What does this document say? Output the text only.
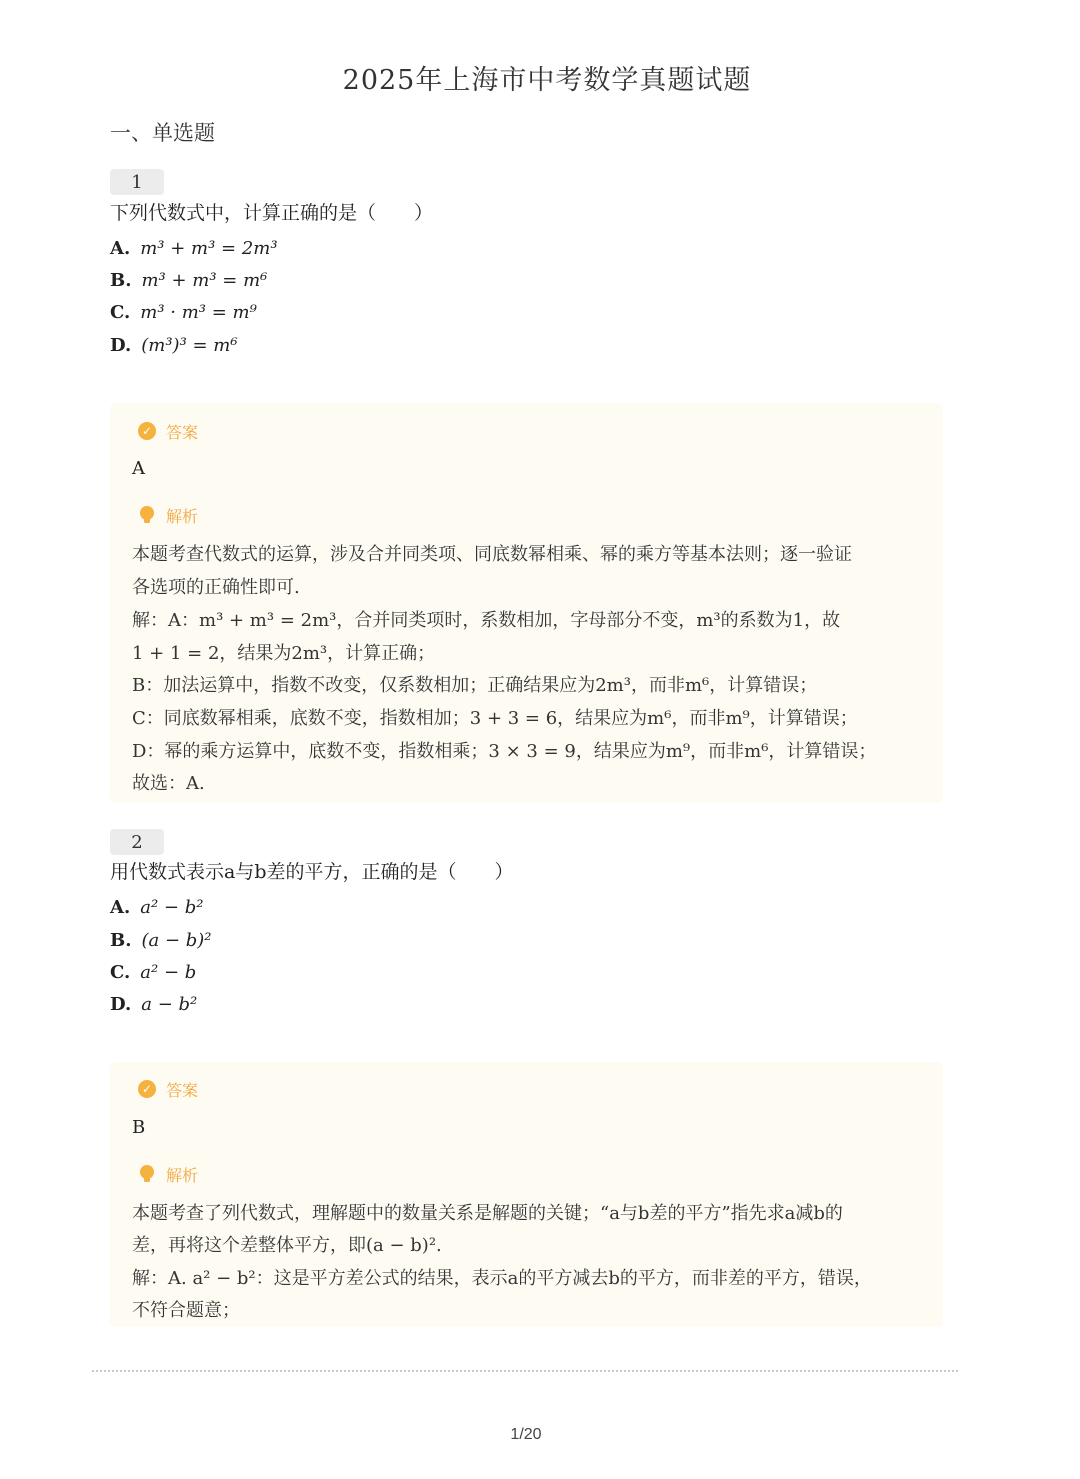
2025年上海市中考数学真题试题
一、单选题
1
下列代数式中，计算正确的是（　　）
A. m³ + m³ = 2m³
B. m³ + m³ = m⁶
C. m³ · m³ = m⁹
D. (m³)³ = m⁶
✓ 答案
A
解析
本题考查代数式的运算，涉及合并同类项、同底数幂相乘、幂的乘方等基本法则；逐一验证
各选项的正确性即可.
解：A：m³ + m³ = 2m³，合并同类项时，系数相加，字母部分不变，m³的系数为1，故
1 + 1 = 2，结果为2m³，计算正确；
B：加法运算中，指数不改变，仅系数相加；正确结果应为2m³，而非m⁶，计算错误；
C：同底数幂相乘，底数不变，指数相加；3 + 3 = 6，结果应为m⁶，而非m⁹，计算错误；
D：幂的乘方运算中，底数不变，指数相乘；3 × 3 = 9，结果应为m⁹，而非m⁶，计算错误；
故选：A.
2
用代数式表示a与b差的平方，正确的是（　　）
A. a² − b²
B. (a − b)²
C. a² − b
D. a − b²
✓ 答案
B
解析
本题考查了列代数式，理解题中的数量关系是解题的关键；“a与b差的平方”指先求a减b的
差，再将这个差整体平方，即(a − b)².
解：A. a² − b²：这是平方差公式的结果，表示a的平方减去b的平方，而非差的平方，错误，
不符合题意；
1/20
